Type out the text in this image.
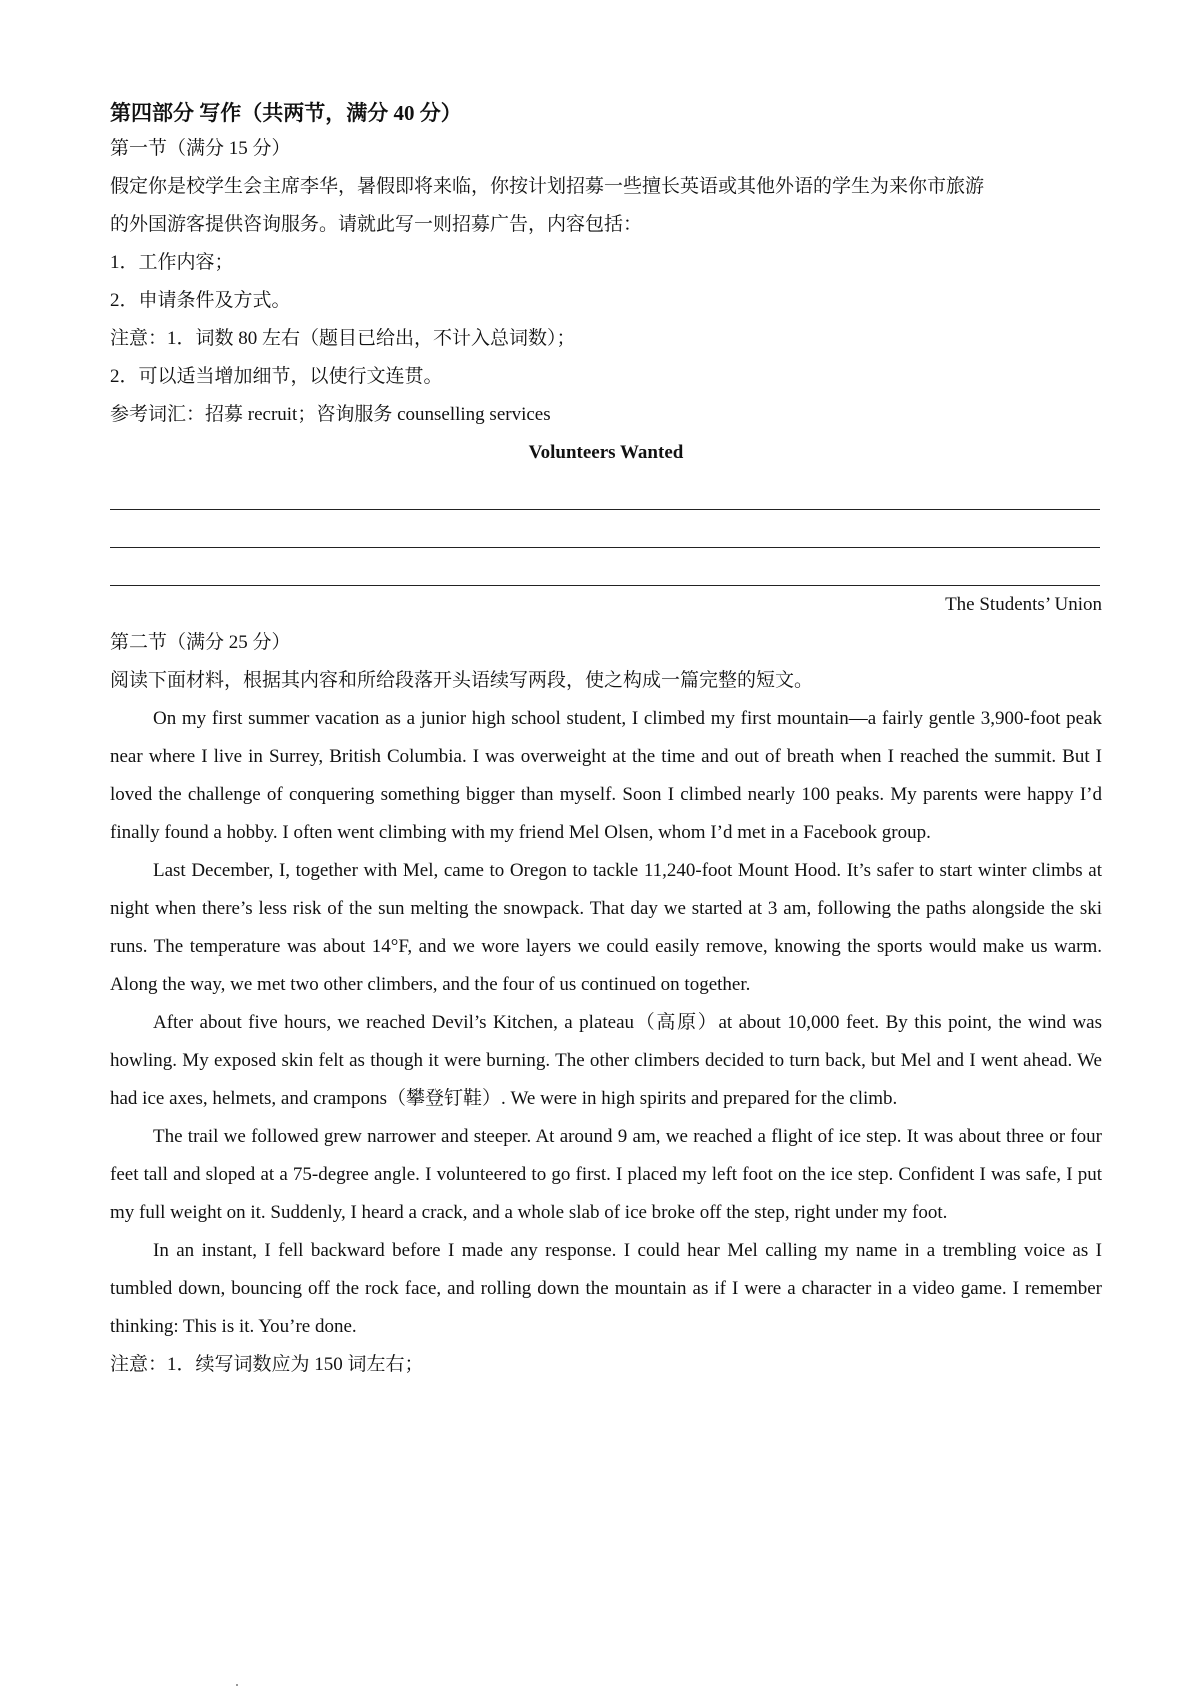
第四部分 写作（共两节，满分 40 分）
第一节（满分 15 分）
假定你是校学生会主席李华，暑假即将来临，你按计划招募一些擅长英语或其他外语的学生为来你市旅游
的外国游客提供咨询服务。请就此写一则招募广告，内容包括：
1．工作内容；
2．申请条件及方式。
注意：1．词数 80 左右（题目已给出，不计入总词数）；
2．可以适当增加细节，以使行文连贯。
参考词汇：招募 recruit；咨询服务 counselling services
Volunteers Wanted
The Students’ Union
第二节（满分 25 分）
阅读下面材料，根据其内容和所给段落开头语续写两段，使之构成一篇完整的短文。

On my first summer vacation as a junior high school student, I climbed my first mountain—a fairly gentle 3,900-foot peak near where I live in Surrey, British Columbia. I was overweight at the time and out of breath when I reached the summit. But I loved the challenge of conquering something bigger than myself. Soon I climbed nearly 100 peaks. My parents were happy I’d finally found a hobby. I often went climbing with my friend Mel Olsen, whom I’d met in a Facebook group.

Last December, I, together with Mel, came to Oregon to tackle 11,240-foot Mount Hood. It’s safer to start winter climbs at night when there’s less risk of the sun melting the snowpack. That day we started at 3 am, following the paths alongside the ski runs. The temperature was about 14°F, and we wore layers we could easily remove, knowing the sports would make us warm. Along the way, we met two other climbers, and the four of us continued on together.

After about five hours, we reached Devil’s Kitchen, a plateau（高原）at about 10,000 feet. By this point, the wind was howling. My exposed skin felt as though it were burning. The other climbers decided to turn back, but Mel and I went ahead. We had ice axes, helmets, and crampons（攀登钉鞋）. We were in high spirits and prepared for the climb.

The trail we followed grew narrower and steeper. At around 9 am, we reached a flight of ice step. It was about three or four feet tall and sloped at a 75-degree angle. I volunteered to go first. I placed my left foot on the ice step. Confident I was safe, I put my full weight on it. Suddenly, I heard a crack, and a whole slab of ice broke off the step, right under my foot.

In an instant, I fell backward before I made any response. I could hear Mel calling my name in a trembling voice as I tumbled down, bouncing off the rock face, and rolling down the mountain as if I were a character in a video game. I remember thinking: This is it. You’re done.

注意：1．续写词数应为 150 词左右；
